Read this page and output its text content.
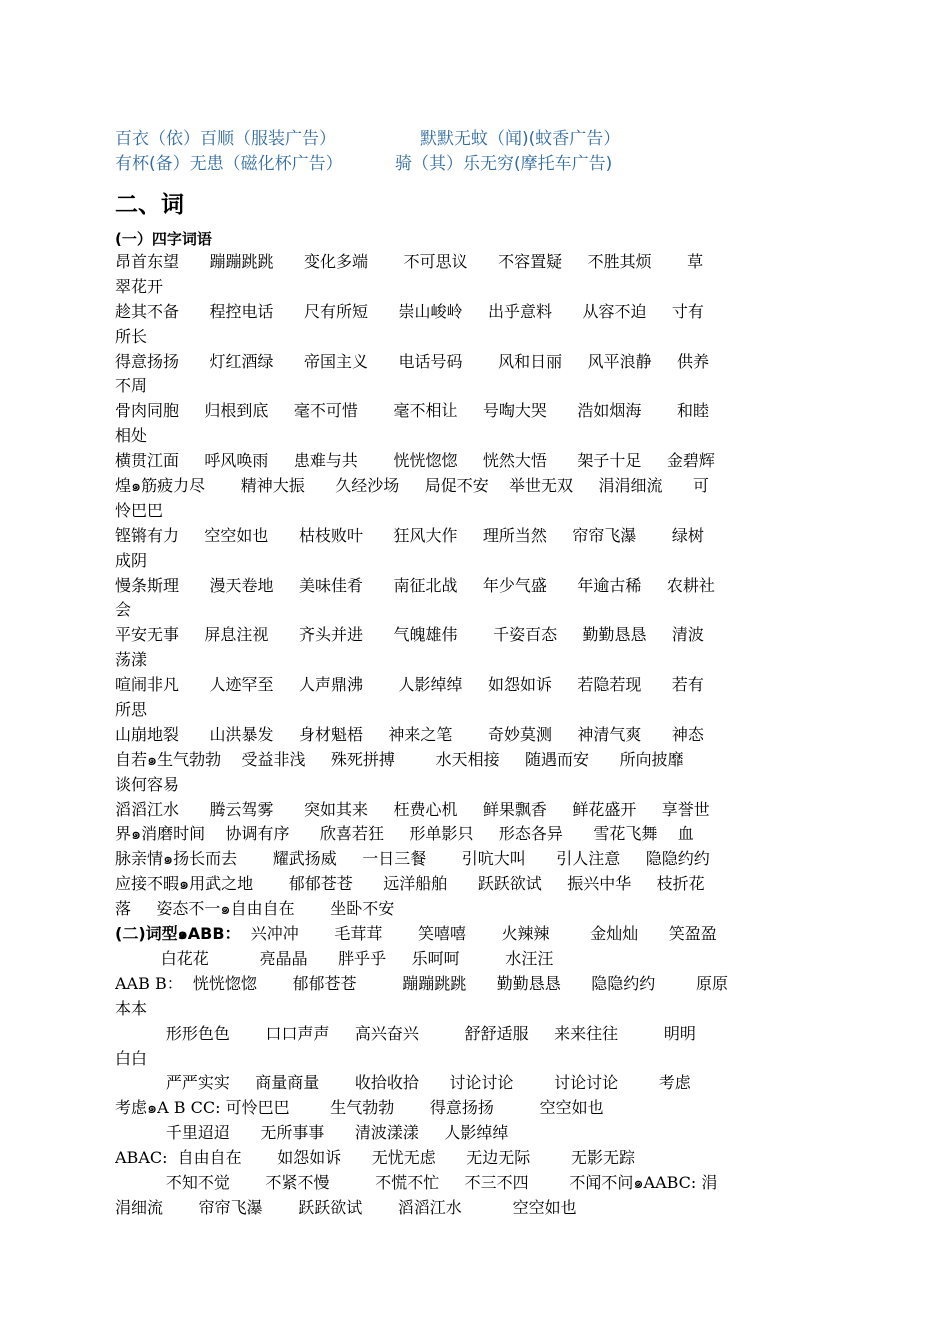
百衣（依）百顺（服装广告）	默默无蚊（闻)(蚊香广告）
有杯(备）无患（磁化杯广告）	骑（其）乐无穷(摩托车广告)
二、词
(一）四字词语
昂首东望      蹦蹦跳跳      变化多端       不可思议      不容置疑     不胜其烦       草
翠花开
趁其不备      程控电话      尺有所短      崇山峻岭     出乎意料      从容不迫     寸有
所长
得意扬扬      灯红酒绿      帝国主义      电话号码       风和日丽     风平浪静     供养
不周
骨肉同胞     归根到底     毫不可惜       毫不相让     号啕大哭      浩如烟海       和睦
相处
横贯江面     呼风唤雨     患难与共       恍恍惚惚     恍然大悟      架子十足     金碧辉
煌๑筋疲力尽       精神大振      久经沙场     局促不安    举世无双     涓涓细流      可
怜巴巴
铿锵有力     空空如也      枯枝败叶      狂风大作     理所当然     帘帘飞瀑       绿树
成阴
慢条斯理      漫天卷地     美味佳肴      南征北战     年少气盛      年逾古稀     农耕社
会
平安无事     屏息注视      齐头并进      气魄雄伟       千姿百态     勤勤恳恳     清波
荡漾
喧闹非凡      人迹罕至     人声鼎沸       人影绰绰     如怨如诉     若隐若现      若有
所思
山崩地裂      山洪暴发     身材魁梧     神来之笔       奇妙莫测     神清气爽      神态
自若๑生气勃勃    受益非浅     殊死拼搏        水天相接     随遇而安      所向披靡
谈何容易
滔滔江水      腾云驾雾      突如其来     枉费心机     鲜果飘香     鲜花盛开     享誉世
界๑消磨时间    协调有序      欣喜若狂     形单影只     形态各异      雪花飞舞    血
脉亲情๑扬长而去       耀武扬威     一日三餐       引吭大叫      引人注意     隐隐约约
应接不暇๑用武之地       郁郁苍苍      远洋船舶      跃跃欲试     振兴中华     枝折花
落     姿态不一๑自由自在       坐卧不安
(二)词型๑ABB：  兴冲冲       毛茸茸       笑嘻嘻       火辣辣        金灿灿      笑盈盈
白花花          亮晶晶      胖乎乎     乐呵呵         水汪汪
AAB B：  恍恍惚惚       郁郁苍苍         蹦蹦跳跳      勤勤恳恳      隐隐约约        原原
本本
形形色色       口口声声     高兴奋兴         舒舒适服     来来往往         明明
白白
严严实实     商量商量       收拾收拾      讨论讨论        讨论讨论        考虑
考虑๑A B CC: 可怜巴巴        生气勃勃       得意扬扬         空空如也
千里迢迢      无所事事      清波漾漾     人影绰绰
ABAC:  自由自在       如怨如诉      无忧无虑      无边无际        无影无踪
不知不觉       不紧不慢         不慌不忙     不三不四        不闻不问๑AABC: 涓
涓细流       帘帘飞瀑       跃跃欲试       滔滔江水          空空如也
